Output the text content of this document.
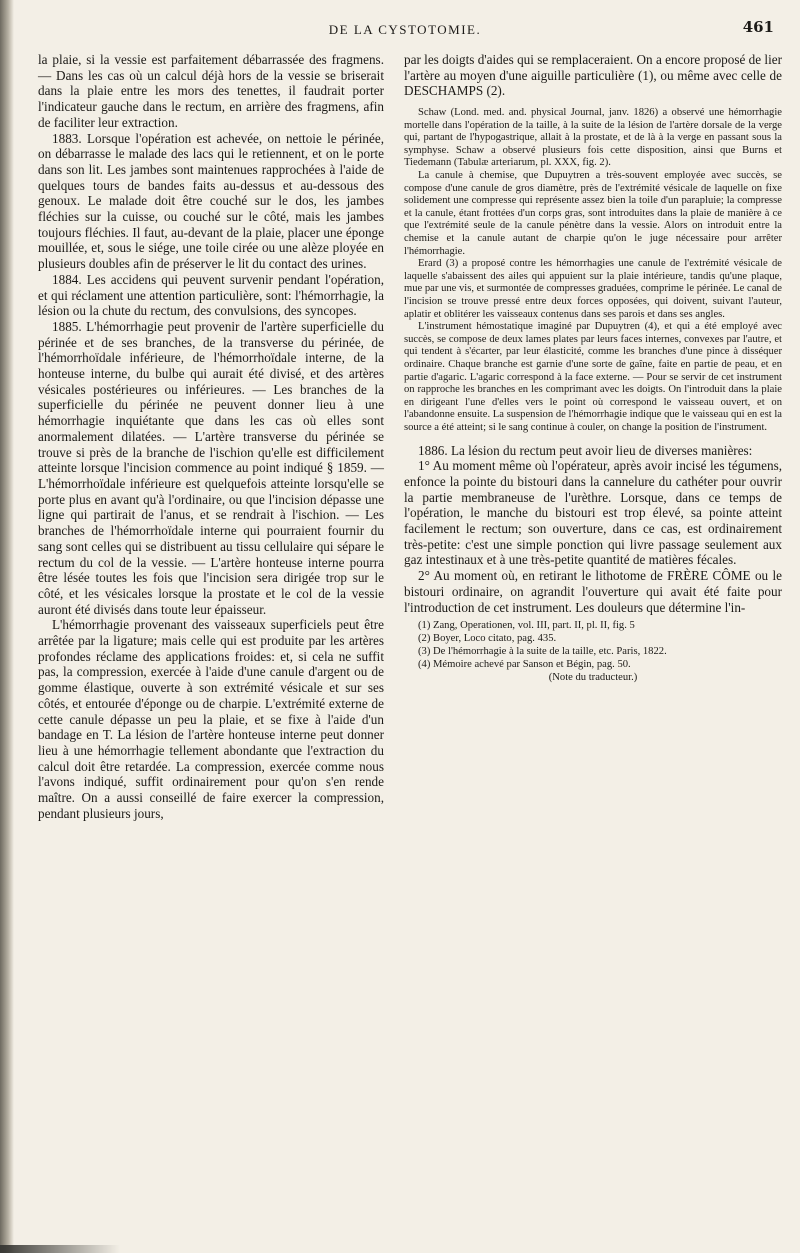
DE LA CYSTOTOMIE.	461

la plaie, si la vessie est parfaitement débarrassée des fragmens. — Dans les cas où un calcul déjà hors de la vessie se briserait dans la plaie entre les mors des tenettes, il faudrait porter l'indicateur gauche dans le rectum, en arrière des fragmens, afin de faciliter leur extraction.

1883. Lorsque l'opération est achevée, on nettoie le périnée, on débarrasse le malade des lacs qui le retiennent, et on le porte dans son lit. Les jambes sont maintenues rapprochées à l'aide de quelques tours de bandes faits au-dessus et au-dessous des genoux. Le malade doit être couché sur le dos, les jambes fléchies sur la cuisse, ou couché sur le côté, mais les jambes toujours fléchies. Il faut, au-devant de la plaie, placer une éponge mouillée, et, sous le siége, une toile cirée ou une alèze ployée en plusieurs doubles afin de préserver le lit du contact des urines.

1884. Les accidens qui peuvent survenir pendant l'opération, et qui réclament une attention particulière, sont: l'hémorrhagie, la lésion ou la chute du rectum, des convulsions, des syncopes.

1885. L'hémorrhagie peut provenir de l'artère superficielle du périnée et de ses branches, de la transverse du périnée, de l'hémorrhoïdale inférieure, de l'hémorrhoïdale interne, de la honteuse interne, du bulbe qui aurait été divisé, et des artères vésicales postérieures ou inférieures. — Les branches de la superficielle du périnée ne peuvent donner lieu à une hémorrhagie inquiétante que dans les cas où elles sont anormalement dilatées. — L'artère transverse du périnée se trouve si près de la branche de l'ischion qu'elle est difficilement atteinte lorsque l'incision commence au point indiqué § 1859. — L'hémorrhoïdale inférieure est quelquefois atteinte lorsqu'elle se porte plus en avant qu'à l'ordinaire, ou que l'incision dépasse une ligne qui partirait de l'anus, et se rendrait à l'ischion. — Les branches de l'hémorrhoïdale interne qui pourraient fournir du sang sont celles qui se distribuent au tissu cellulaire qui sépare le rectum du col de la vessie. — L'artère honteuse interne pourra être lésée toutes les fois que l'incision sera dirigée trop sur le côté, et les vésicales lorsque la prostate et le col de la vessie auront été divisés dans toute leur épaisseur.

L'hémorrhagie provenant des vaisseaux superficiels peut être arrêtée par la ligature; mais celle qui est produite par les artères profondes réclame des applications froides: et, si cela ne suffit pas, la compression, exercée à l'aide d'une canule d'argent ou de gomme élastique, ouverte à son extrémité vésicale et sur ses côtés, et entourée d'éponge ou de charpie. L'extrémité externe de cette canule dépasse un peu la plaie, et se fixe à l'aide d'un bandage en T. La lésion de l'artère honteuse interne peut donner lieu à une hémorrhagie tellement abondante que l'extraction du calcul doit être retardée. La compression, exercée comme nous l'avons indiqué, suffit ordinairement pour qu'on s'en rende maître. On a aussi conseillé de faire exercer la compression, pendant plusieurs jours,

par les doigts d'aides qui se remplaceraient. On a encore proposé de lier l'artère au moyen d'une aiguille particulière (1), ou même avec celle de DESCHAMPS (2).

Schaw (Lond. med. and. physical Journal, janv. 1826) a observé une hémorrhagie mortelle dans l'opération de la taille, à la suite de la lésion de l'artère dorsale de la verge qui, partant de l'hypogastrique, allait à la prostate, et de là à la verge en passant sous la symphyse. Schaw a observé plusieurs fois cette disposition, ainsi que Burns et Tiedemann (Tabulæ arteriarum, pl. XXX, fig. 2).

La canule à chemise, que Dupuytren a très-souvent employée avec succès, se compose d'une canule de gros diamètre, près de l'extrémité vésicale de laquelle on fixe solidement une compresse qui représente assez bien la toile d'un parapluie; la compresse et la canule, étant frottées d'un corps gras, sont introduites dans la plaie de manière à ce que l'extrémité seule de la canule pénètre dans la vessie. Alors on introduit entre la chemise et la canule autant de charpie qu'on le juge nécessaire pour arrêter l'hémorrhagie.

Erard (3) a proposé contre les hémorrhagies une canule de l'extrémité vésicale de laquelle s'abaissent des ailes qui appuient sur la plaie intérieure, tandis qu'une plaque, mue par une vis, et surmontée de compresses graduées, comprime le périnée. Le canal de l'incision se trouve pressé entre deux forces opposées, qui doivent, suivant l'auteur, aplatir et oblitérer les vaisseaux contenus dans ses parois et dans ses angles.

L'instrument hémostatique imaginé par Dupuytren (4), et qui a été employé avec succès, se compose de deux lames plates par leurs faces internes, convexes par l'autre, et qui tendent à s'écarter, par leur élasticité, comme les branches d'une pince à disséquer ordinaire. Chaque branche est garnie d'une sorte de gaîne, faite en partie de peau, et en partie d'agaric. L'agaric correspond à la face externe. — Pour se servir de cet instrument on rapproche les branches en les comprimant avec les doigts. On l'introduit dans la plaie en dirigeant l'une d'elles vers le point où correspond le vaisseau ouvert, et on l'abandonne ensuite. La suspension de l'hémorrhagie indique que le vaisseau qui en est la source a été atteint; si le sang continue à couler, on change la position de l'instrument.

1886. La lésion du rectum peut avoir lieu de diverses manières:

1° Au moment même où l'opérateur, après avoir incisé les tégumens, enfonce la pointe du bistouri dans la cannelure du cathéter pour ouvrir la partie membraneuse de l'urèthre. Lorsque, dans ce temps de l'opération, le manche du bistouri est trop élevé, sa pointe atteint facilement le rectum; son ouverture, dans ce cas, est ordinairement très-petite: c'est une simple ponction qui livre passage seulement aux gaz intestinaux et à une très-petite quantité de matières fécales.

2° Au moment où, en retirant le lithotome de FRÈRE CÔME ou le bistouri ordinaire, on agrandit l'ouverture qui avait été faite pour l'introduction de cet instrument. Les douleurs que détermine l'in-

(1) Zang, Operationen, vol. III, part. II, pl. II, fig. 5

(2) Boyer, Loco citato, pag. 435.

(3) De l'hémorrhagie à la suite de la taille, etc. Paris, 1822.

(4) Mémoire achevé par Sanson et Bégin, pag. 50.

(Note du traducteur.)
